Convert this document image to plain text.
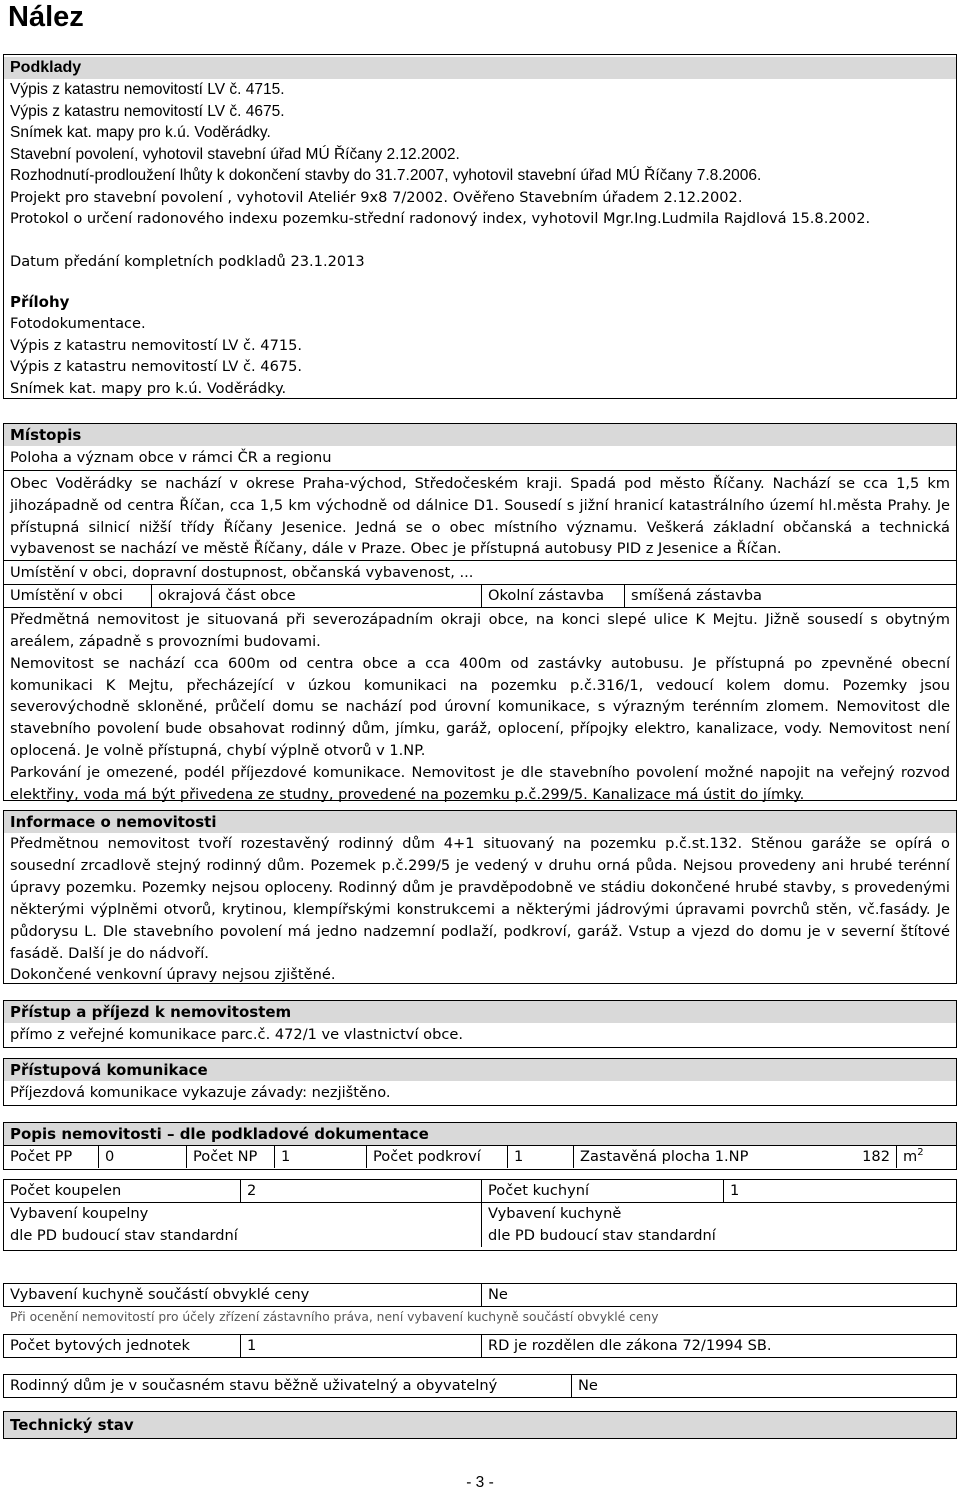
Nález
Podklady
Výpis z katastru nemovitostí LV č. 4715.
Výpis z katastru nemovitostí LV č. 4675.
Snímek kat. mapy pro k.ú. Voděrádky.
Stavební povolení, vyhotovil stavební úřad MÚ Říčany 2.12.2002.
Rozhodnutí-prodloužení lhůty k dokončení stavby do 31.7.2007, vyhotovil stavební úřad MÚ Říčany 7.8.2006.
Projekt pro stavební povolení , vyhotovil Ateliér 9x8 7/2002. Ověřeno Stavebním úřadem 2.12.2002.
Protokol o určení radonového indexu pozemku-střední radonový index, vyhotovil Mgr.Ing.Ludmila Rajdlová 15.8.2002.
Datum předání kompletních podkladů 23.1.2013
Přílohy
Fotodokumentace.
Výpis z katastru nemovitostí LV č. 4715.
Výpis z katastru nemovitostí LV č. 4675.
Snímek kat. mapy pro k.ú. Voděrádky.
Místopis
Poloha a význam obce v rámci ČR a regionu
Obec Voděrádky se nachází v okrese Praha-východ, Středočeském kraji. Spadá pod město Říčany. Nachází se cca 1,5 km jihozápadně od centra Říčan, cca 1,5 km východně od dálnice D1. Sousedí s jižní hranicí katastrálního území hl.města Prahy. Je přístupná silnicí nižší třídy Říčany Jesenice. Jedná se o obec místního významu. Veškerá základní občanská a technická vybavenost se nachází ve městě Říčany, dále v Praze. Obec je přístupná autobusy PID z Jesenice a Říčan.
Umístění v obci, dopravní dostupnost, občanská vybavenost, ...
Umístění v obci	okrajová část obce	Okolní zástavba	smíšená zástavba
Předmětná nemovitost je situovaná při severozápadním okraji obce, na konci slepé ulice K Mejtu. Jižně sousedí s obytným areálem, západně s provozními budovami.
Nemovitost se nachází cca 600m od centra obce a cca 400m od zastávky autobusu. Je přístupná po zpevněné obecní komunikaci K Mejtu, přecházející v úzkou komunikaci na pozemku p.č.316/1, vedoucí kolem domu. Pozemky jsou severovýchodně skloněné, průčelí domu se nachází pod úrovní komunikace, s výrazným terénním zlomem. Nemovitost dle stavebního povolení bude obsahovat rodinný dům, jímku, garáž, oplocení, přípojky elektro, kanalizace, vody. Nemovitost není oplocená. Je volně přístupná, chybí výplně otvorů v 1.NP.
Parkování je omezené, podél příjezdové komunikace. Nemovitost je dle stavebního povolení možné napojit na veřejný rozvod elektřiny, voda má být přivedena ze studny, provedené na pozemku p.č.299/5. Kanalizace má ústit do jímky.
Informace o nemovitosti
Předmětnou nemovitost tvoří rozestavěný rodinný dům 4+1 situovaný na pozemku p.č.st.132. Stěnou garáže se opírá o sousední zrcadlově stejný rodinný dům. Pozemek p.č.299/5 je vedený v druhu orná půda. Nejsou provedeny ani hrubé terénní úpravy pozemku. Pozemky nejsou oploceny. Rodinný dům je pravděpodobně ve stádiu dokončené hrubé stavby, s provedenými některými výplněmi otvorů, krytinou, klempířskými konstrukcemi a některými jádrovými úpravami povrchů stěn, vč.fasády. Je půdorysu L. Dle stavebního povolení má jedno nadzemní podlaží, podkroví, garáž. Vstup a vjezd do domu je v severní štítové fasádě. Další je do nádvoří.
Dokončené venkovní úpravy nejsou zjištěné.
Přístup a příjezd k nemovitostem
přímo z veřejné komunikace parc.č. 472/1 ve vlastnictví obce.
Přístupová komunikace
Příjezdová komunikace vykazuje závady: nezjištěno.
Popis nemovitosti – dle podkladové dokumentace
Počet PP	0	Počet NP	1	Počet podkroví	1	Zastavěná plocha 1.NP	182 $m^2$
Počet koupelen	2	Počet kuchyní	1
Vybavení koupelny	Vybavení kuchyně
dle PD budoucí stav standardní	dle PD budoucí stav standardní
Vybavení kuchyně součástí obvyklé ceny	Ne
Při ocenění nemovitostí pro účely zřízení zástavního práva, není vybavení kuchyně součástí obvyklé ceny
Počet bytových jednotek	1	RD je rozdělen dle zákona 72/1994 SB.
Rodinný dům je v současném stavu běžně uživatelný a obyvatelný	Ne
Technický stav
- 3 -
